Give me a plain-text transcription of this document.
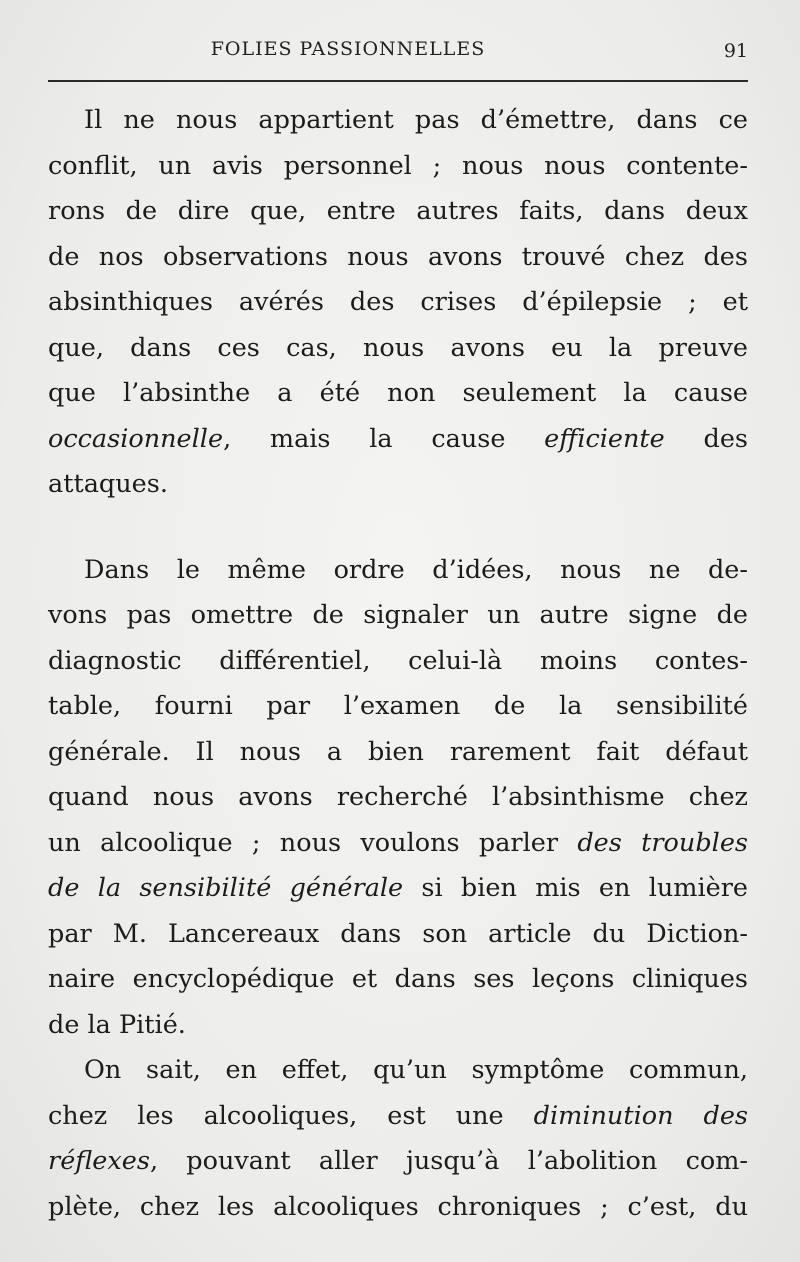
FOLIES PASSIONNELLES	91
Il ne nous appartient pas d’émettre, dans ce
conflit, un avis personnel ; nous nous contente-
rons de dire que, entre autres faits, dans deux
de nos observations nous avons trouvé chez des
absinthiques avérés des crises d’épilepsie ; et
que, dans ces cas, nous avons eu la preuve
que l’absinthe a été non seulement la cause
occasionnelle, mais la cause efficiente des
attaques.
Dans le même ordre d’idées, nous ne de-
vons pas omettre de signaler un autre signe de
diagnostic différentiel, celui-là moins contes-
table, fourni par l’examen de la sensibilité
générale. Il nous a bien rarement fait défaut
quand nous avons recherché l’absinthisme chez
un alcoolique ; nous voulons parler des troubles
de la sensibilité générale si bien mis en lumière
par M. Lancereaux dans son article du Diction-
naire encyclopédique et dans ses leçons cliniques
de la Pitié.
On sait, en effet, qu’un symptôme commun,
chez les alcooliques, est une diminution des
réflexes, pouvant aller jusqu’à l’abolition com-
plète, chez les alcooliques chroniques ; c’est, du
